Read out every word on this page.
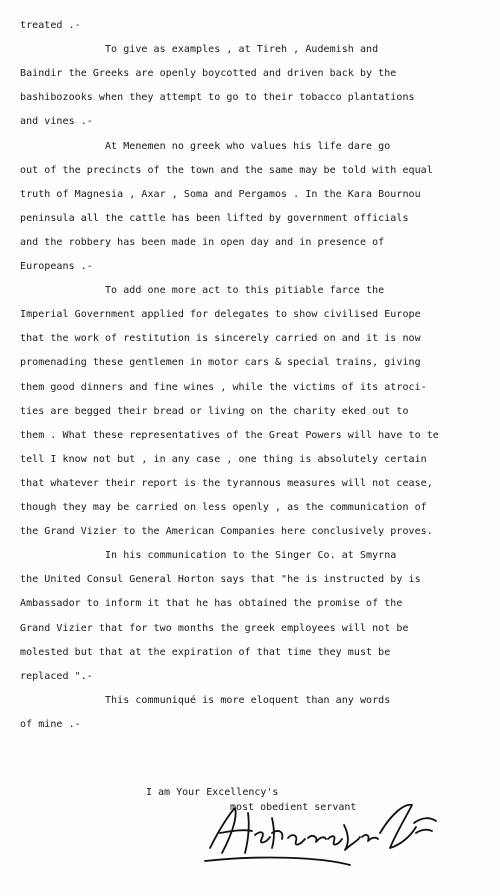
treated .-
To give as examples , at Tireh , Audemish and
Baindir the Greeks are openly boycotted and driven back by the
bashibozooks when they attempt to go to their tobacco plantations
and vines .-
At Menemen no greek who values his life dare go
out of the precincts of the town and the same may be told with equal
truth of Magnesia , Axar , Soma and Pergamos . In the Kara Bournou
peninsula all the cattle has been lifted by government officials
and the robbery has been made in open day and in presence of
Europeans .-
To add one more act to this pitiable farce the
Imperial Government applied for delegates to show civilised Europe
that the work of restitution is sincerely carried on and it is now
promenading these gentlemen in motor cars & special trains, giving
them good dinners and fine wines , while the victims of its atroci-
ties are begged their bread or living on the charity eked out to
them . What these representatives of the Great Powers will have to te
tell I know not but , in any case , one thing is absolutely certain
that whatever their report is the tyrannous measures will not cease,
though they may be carried on less openly , as the communication of
the Grand Vizier to the American Companies here conclusively proves.
In his communication to the Singer Co. at Smyrna
the United Consul General Horton says that "he is instructed by is
Ambassador to inform it that he has obtained the promise of the
Grand Vizier that for two months the greek employees will not be
molested but that at the expiration of that time they must be
replaced ".-
This communiqué is more eloquent than any words
of mine .-
I am Your Excellency's
most obedient servant
